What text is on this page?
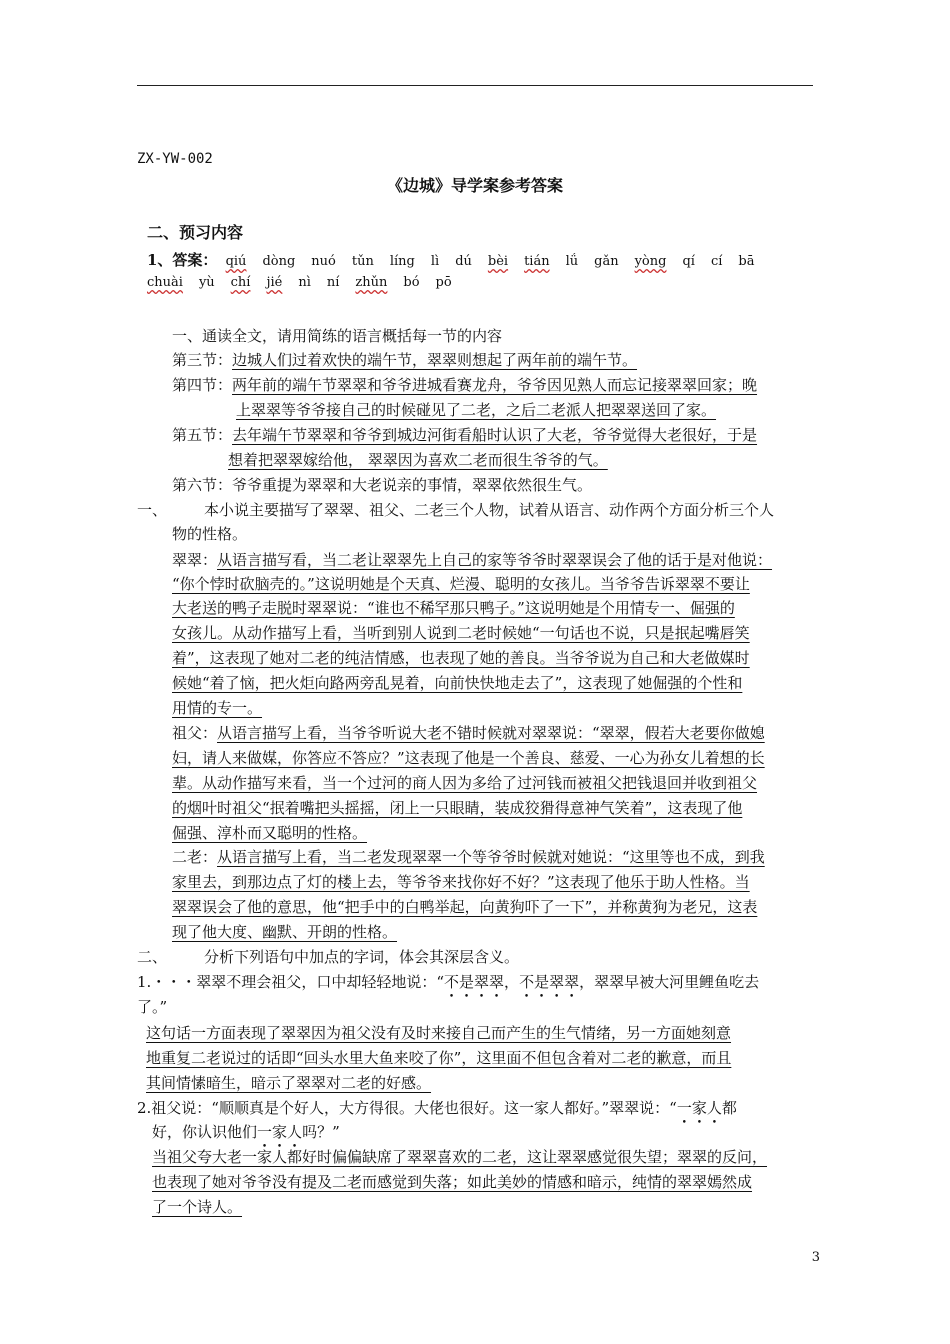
ZX-YW-002
《边城》导学案参考答案
二、预习内容
1、答案： qiú dòng nuó tǔn líng lì dú bèi tián lǘ gǎn yòng qí cí bā
chuài yù chí jié nì ní zhǔn bó pō
一、通读全文，请用简练的语言概括每一节的内容
第三节：边城人们过着欢快的端午节，翠翠则想起了两年前的端午节。
第四节：两年前的端午节翠翠和爷爷进城看赛龙舟，爷爷因见熟人而忘记接翠翠回家；晚
上翠翠等爷爷接自己的时候碰见了二老，之后二老派人把翠翠送回了家。
第五节：去年端午节翠翠和爷爷到城边河街看船时认识了大老，爷爷觉得大老很好，于是
想着把翠翠嫁给他， 翠翠因为喜欢二老而很生爷爷的气。
第六节：爷爷重提为翠翠和大老说亲的事情，翠翠依然很生气。
一、 本小说主要描写了翠翠、祖父、二老三个人物，试着从语言、动作两个方面分析三个人
物的性格。
翠翠：从语言描写看，当二老让翠翠先上自己的家等爷爷时翠翠误会了他的话于是对他说：
“你个悖时砍脑壳的。”这说明她是个天真、烂漫、聪明的女孩儿。当爷爷告诉翠翠不要让
大老送的鸭子走脱时翠翠说：“谁也不稀罕那只鸭子。”这说明她是个用情专一、倔强的
女孩儿。从动作描写上看，当听到别人说到二老时候她“一句话也不说，只是抿起嘴唇笑
着”，这表现了她对二老的纯洁情感，也表现了她的善良。当爷爷说为自己和大老做媒时
候她“着了恼，把火炬向路两旁乱晃着，向前快快地走去了”，这表现了她倔强的个性和
用情的专一。
祖父：从语言描写上看，当爷爷听说大老不错时候就对翠翠说：“翠翠，假若大老要你做媳
妇，请人来做媒，你答应不答应？”这表现了他是一个善良、慈爱、一心为孙女儿着想的长
辈。从动作描写来看，当一个过河的商人因为多给了过河钱而被祖父把钱退回并收到祖父
的烟叶时祖父“抿着嘴把头摇摇，闭上一只眼睛，装成狡猾得意神气笑着”，这表现了他
倔强、淳朴而又聪明的性格。
二老：从语言描写上看，当二老发现翠翠一个等爷爷时候就对她说：“这里等也不成，到我
家里去，到那边点了灯的楼上去，等爷爷来找你好不好？”这表现了他乐于助人性格。当
翠翠误会了他的意思，他“把手中的白鸭举起，向黄狗吓了一下”，并称黄狗为老兄，这表
现了他大度、幽默、开朗的性格。
二、 分析下列语句中加点的字词，体会其深层含义。
1.・・・翠翠不理会祖父，口中却轻轻地说：“不是翠翠，不是翠翠，翠翠早被大河里鲤鱼吃去
了。”
这句话一方面表现了翠翠因为祖父没有及时来接自己而产生的生气情绪，另一方面她刻意
地重复二老说过的话即“回头水里大鱼来咬了你”，这里面不但包含着对二老的歉意，而且
其间情愫暗生，暗示了翠翠对二老的好感。
2.祖父说：“顺顺真是个好人，大方得很。大佬也很好。这一家人都好。”翠翠说：“一家人都
好，你认识他们一家人吗？”
当祖父夸大老一家人都好时偏偏缺席了翠翠喜欢的二老，这让翠翠感觉很失望；翠翠的反问，
也表现了她对爷爷没有提及二老而感觉到失落；如此美妙的情感和暗示，纯情的翠翠嫣然成
了一个诗人。
3
